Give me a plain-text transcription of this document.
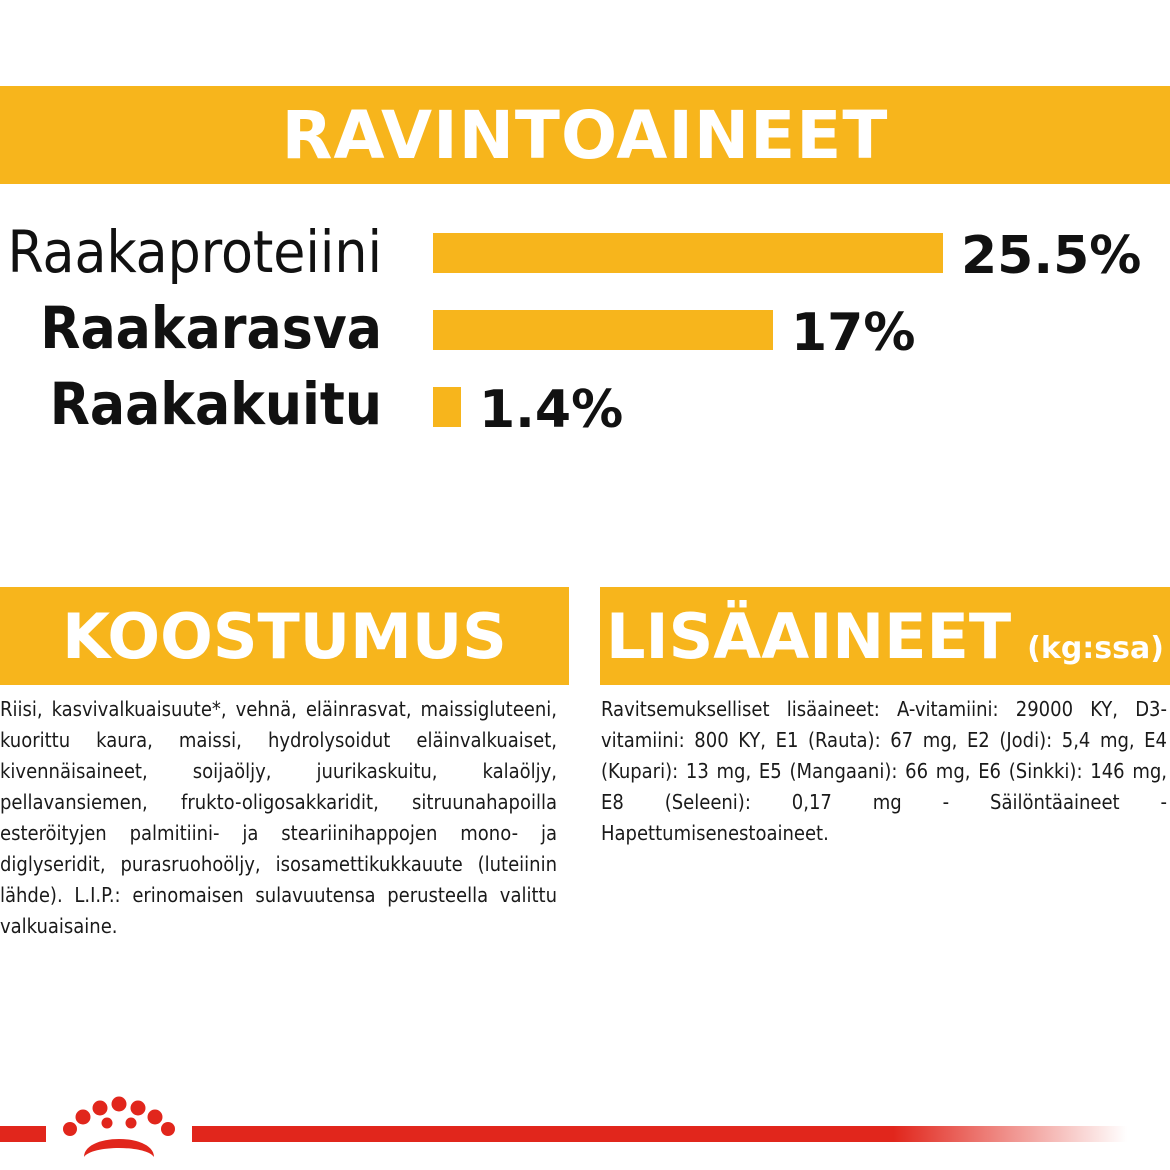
RAVINTOAINEET
Raakaproteiini
Raakarasva
Raakakuitu
25.5%
17%
1.4%
KOOSTUMUS LISÄAINEET (kg:ssa)
Riisi, kasvivalkuaisuute*, vehnä, eläinrasvat, maissigluteeni, kuorittu kaura, maissi, hydrolysoidut eläinvalkuaiset, kivennäisaineet, soijaöljy, juurikaskuitu, kalaöljy, pellavansiemen, frukto-oligosakkaridit, sitruunahapoilla esteröityjen palmitiini- ja steariinihappojen mono- ja diglyseridit, purasruohoöljy, isosamettikukkauute (luteiinin lähde). L.I.P.: erinomaisen sulavuutensa perusteella valittu valkuaisaine.
Ravitsemukselliset lisäaineet: A-vitamiini: 29000 KY, D3-vitamiini: 800 KY, E1 (Rauta): 67 mg, E2 (Jodi): 5,4 mg, E4 (Kupari): 13 mg, E5 (Mangaani): 66 mg, E6 (Sinkki): 146 mg, E8 (Seleeni): 0,17 mg - Säilöntäaineet - Hapettumisenestoaineet.
